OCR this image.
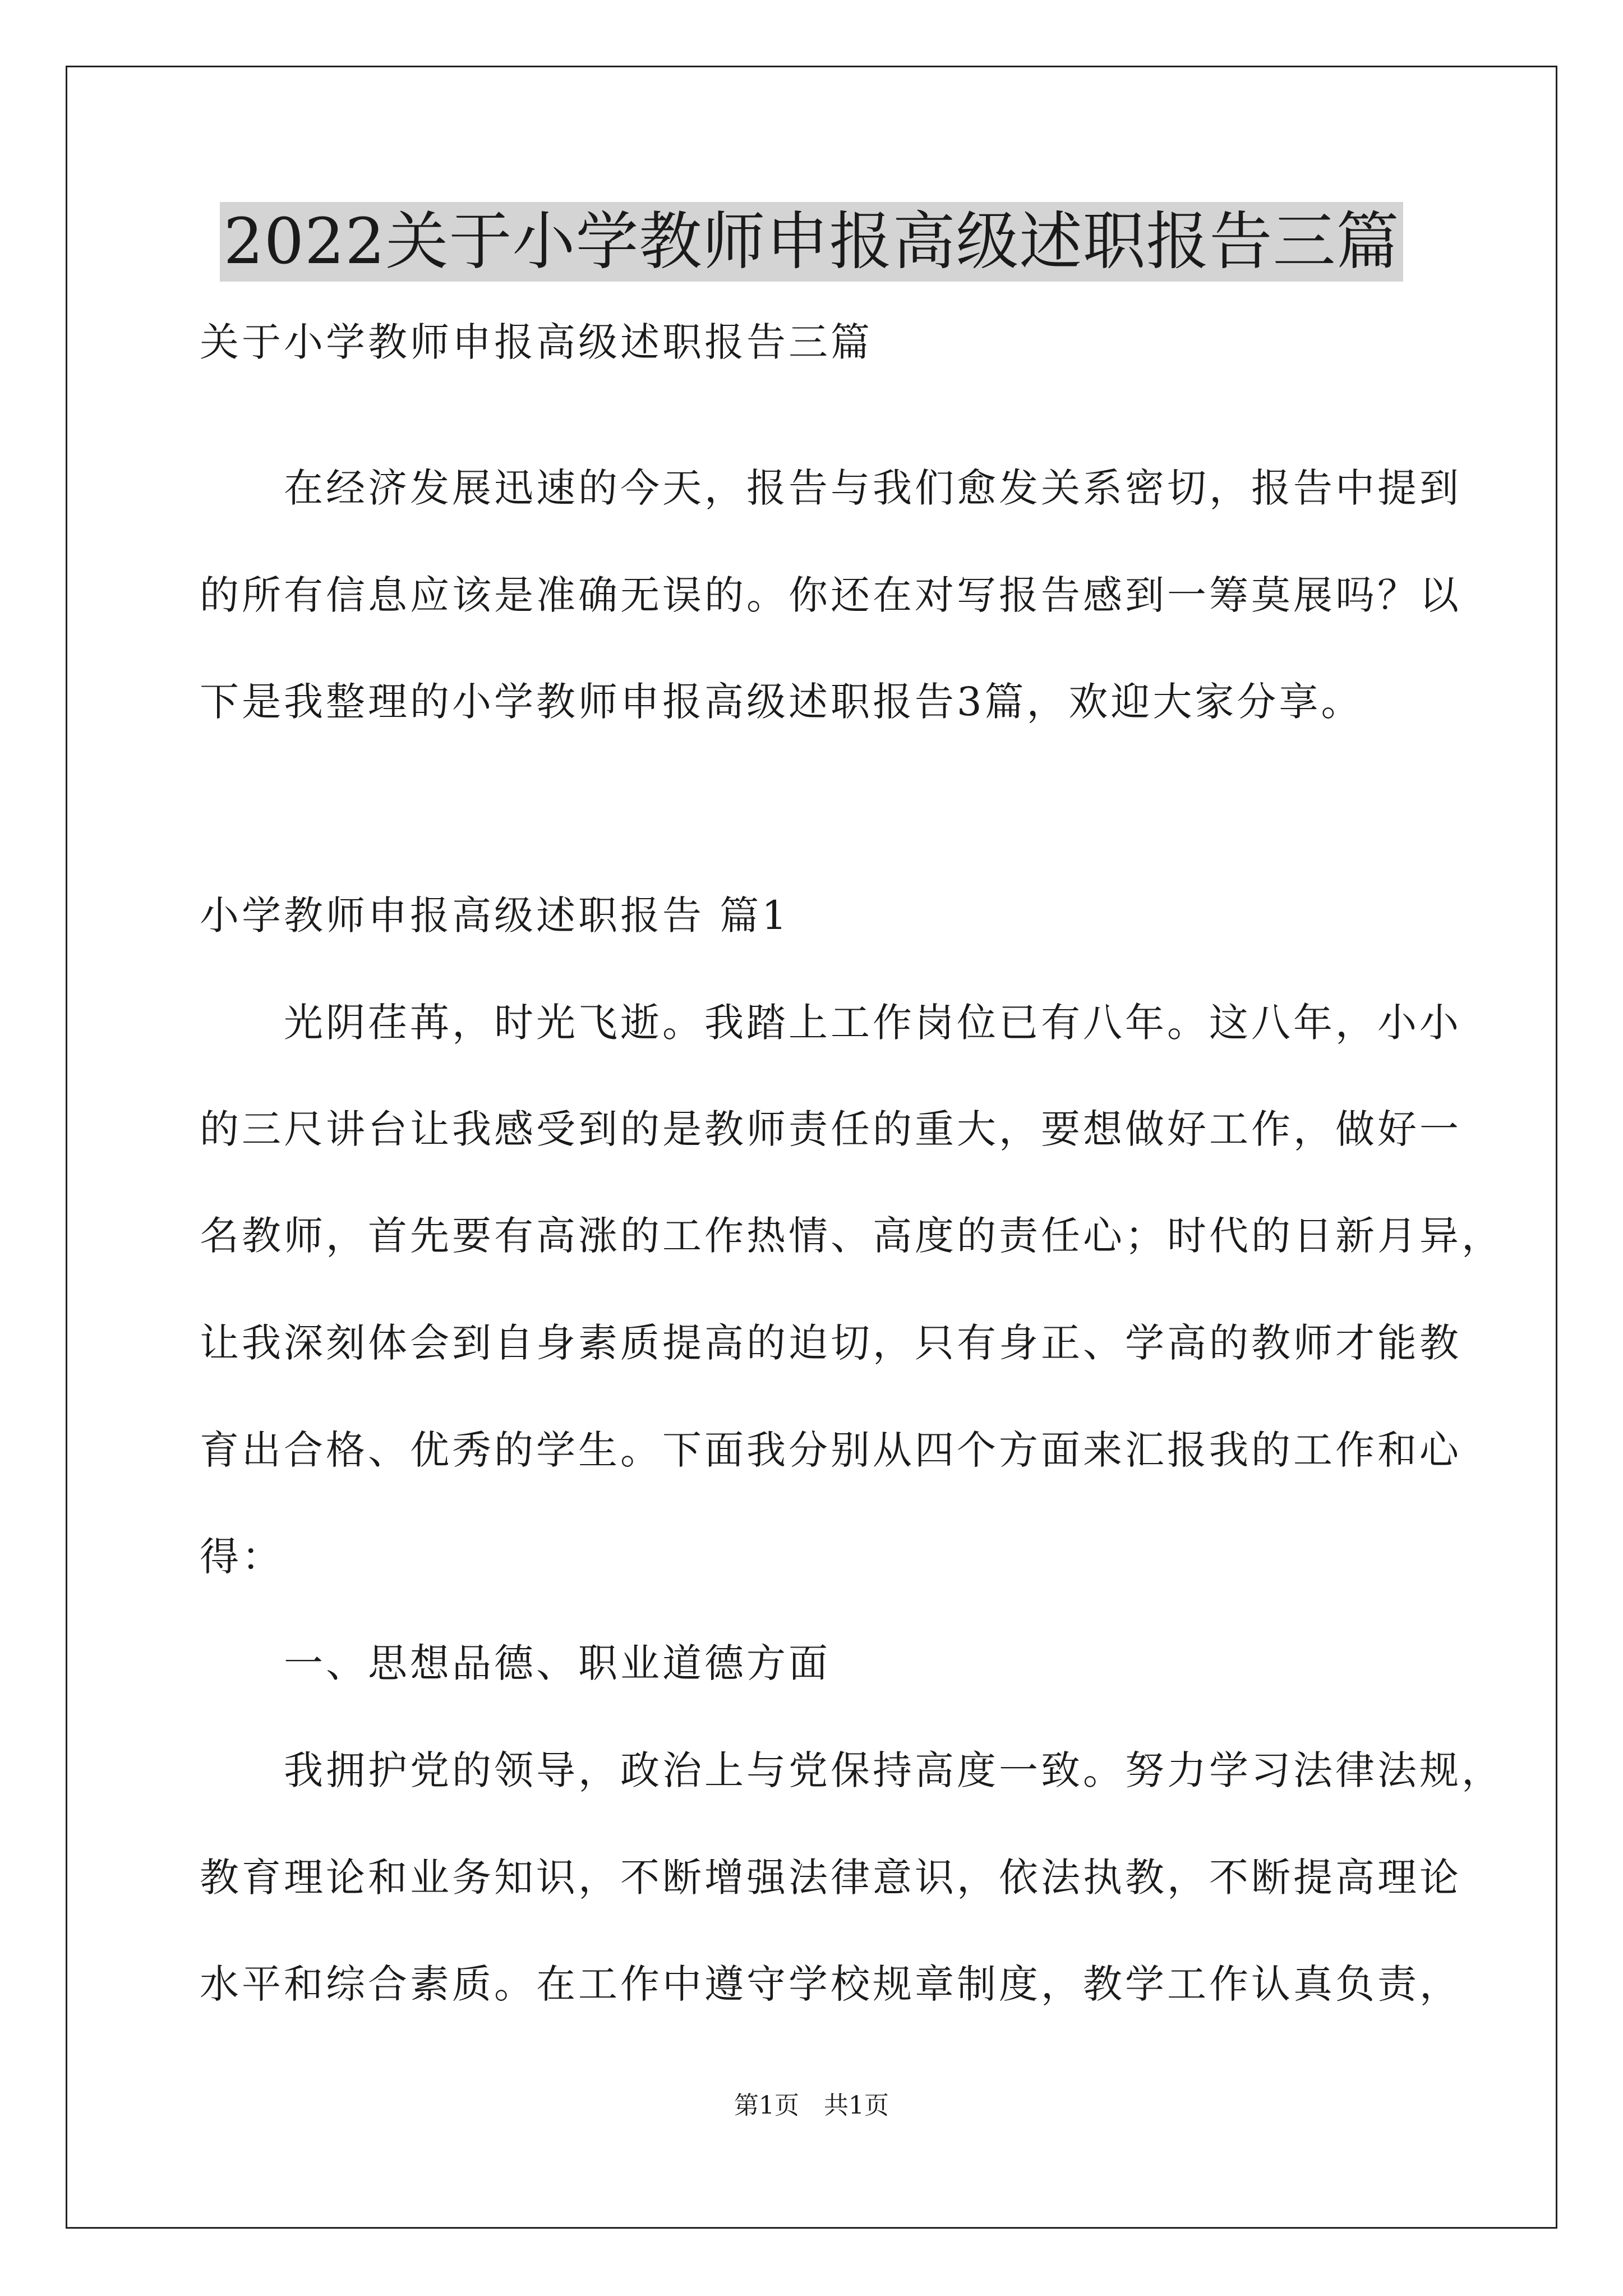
2022关于小学教师申报高级述职报告三篇
关于小学教师申报高级述职报告三篇
在经济发展迅速的今天，报告与我们愈发关系密切，报告中提到
的所有信息应该是准确无误的。你还在对写报告感到一筹莫展吗？以
下是我整理的小学教师申报高级述职报告3篇，欢迎大家分享。
小学教师申报高级述职报告 篇1
光阴荏苒，时光飞逝。我踏上工作岗位已有八年。这八年，小小
的三尺讲台让我感受到的是教师责任的重大，要想做好工作，做好一
名教师，首先要有高涨的工作热情、高度的责任心；时代的日新月异，
让我深刻体会到自身素质提高的迫切，只有身正、学高的教师才能教
育出合格、优秀的学生。下面我分别从四个方面来汇报我的工作和心
得：
一、思想品德、职业道德方面
我拥护党的领导，政治上与党保持高度一致。努力学习法律法规，
教育理论和业务知识，不断增强法律意识，依法执教，不断提高理论
水平和综合素质。在工作中遵守学校规章制度，教学工作认真负责，
第1页　共1页
